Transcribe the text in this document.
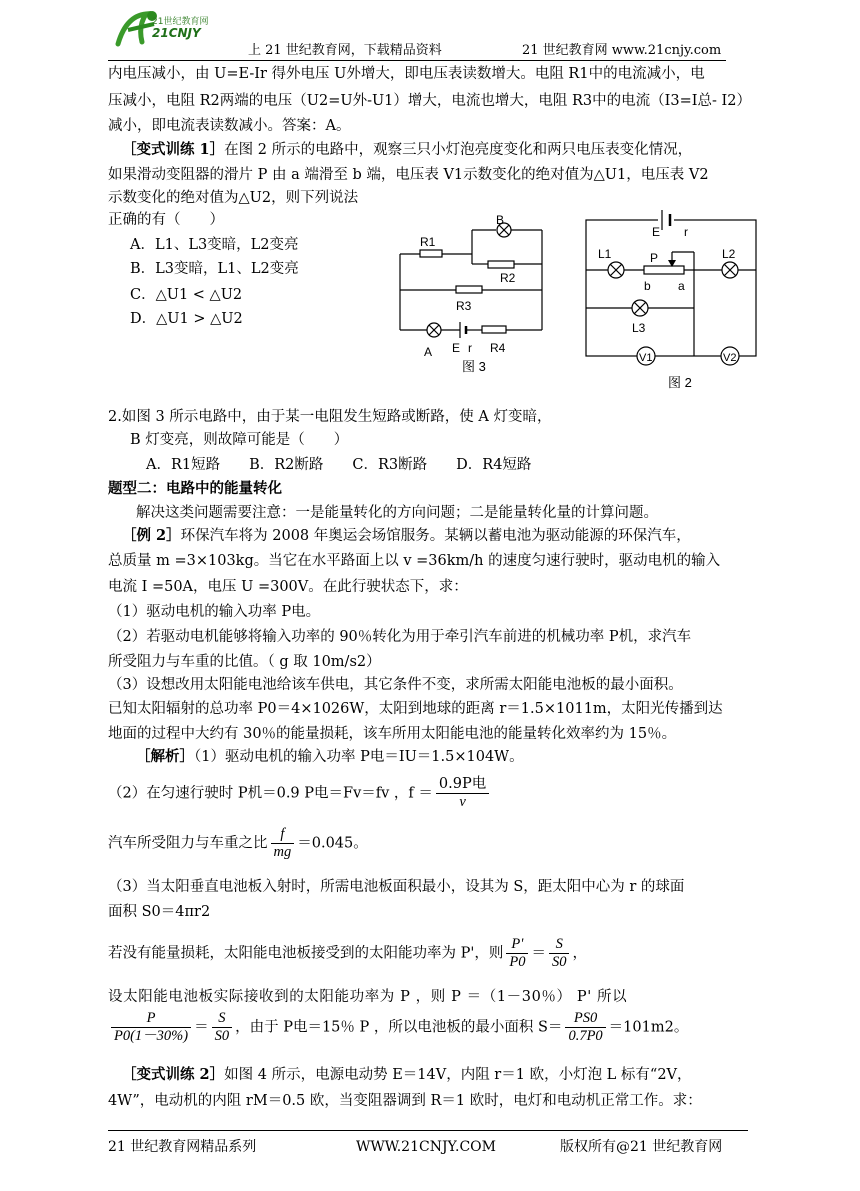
21世纪教育网
21CNJY
上 21 世纪教育网，下载精品资料	21 世纪教育网 www.21cnjy.com
内电压减小，由 U=E-Ir 得外电压 U外增大，即电压表读数增大。电阻 R1中的电流减小，电
压减小，电阻 R2两端的电压（U2=U外-U1）增大，电流也增大，电阻 R3中的电流（I3=I总- I2）
减小，即电流表读数减小。答案：A。
［变式训练 1］在图 2 所示的电路中，观察三只小灯泡亮度变化和两只电压表变化情况，
如果滑动变阻器的滑片 P 由 a 端滑至 b 端，电压表 V1示数变化的绝对值为△U1，电压表 V2
示数变化的绝对值为△U2，则下列说法
正确的有（　　）
A．L1、L3变暗，L2变亮
B．L3变暗，L1、L2变亮
C．△U1 < △U2
D．△U1 > △U2
R1
B
R2
R3
A E r R4
图 3
E r
L1	P	L2
b a
L3
V1	V2
图 2
2.如图 3 所示电路中，由于某一电阻发生短路或断路，使 A 灯变暗，
B 灯变亮，则故障可能是（　　）
A．R1短路　　B．R2断路　　C．R3断路　　D．R4短路
题型二：电路中的能量转化
解决这类问题需要注意：一是能量转化的方向问题；二是能量转化量的计算问题。
［例 2］环保汽车将为 2008 年奥运会场馆服务。某辆以蓄电池为驱动能源的环保汽车，
总质量 m =3×103kg。当它在水平路面上以 v =36km/h 的速度匀速行驶时，驱动电机的输入
电流 I =50A，电压 U =300V。在此行驶状态下，求：
（1）驱动电机的输入功率 P电。
（2）若驱动电机能够将输入功率的 90％转化为用于牵引汽车前进的机械功率 P机，求汽车
所受阻力与车重的比值。（ g 取 10m/s2）
（3）设想改用太阳能电池给该车供电，其它条件不变，求所需太阳能电池板的最小面积。
已知太阳辐射的总功率 P0＝4×1026W，太阳到地球的距离 r＝1.5×1011m，太阳光传播到达
地面的过程中大约有 30％的能量损耗，该车所用太阳能电池的能量转化效率约为 15％。
［解析］（1）驱动电机的输入功率 P电＝IU＝1.5×104W。
（2）在匀速行驶时 P机＝0.9 P电＝Fv＝fv ，$f = \frac{\text{0.9P电}}{v}$
汽车所受阻力与车重之比 $\frac{f}{mg} =0.045$。
（3）当太阳垂直电池板入射时，所需电池板面积最小，设其为 S，距太阳中心为 r 的球面
面积 S0＝4πr2
若没有能量损耗，太阳能电池板接受到的太阳能功率为 P'，则 $\frac{P'}{P0} = \frac{S}{S0}$ ，
设太阳能电池板实际接收到的太阳能功率为 P ，则 P ＝（1－30％） P' 所以
$\frac{P}{P0(1-30\%)} = \frac{S}{S0}$ ，由于 P电＝15％ P ，所以电池板的最小面积 $S= \frac{PS0}{0.7P0} =101m2$。
［变式训练 2］如图 4 所示，电源电动势 E＝14V，内阻 r＝1 欧，小灯泡 L 标有“2V，
4W”，电动机的内阻 rM＝0.5 欧，当变阻器调到 R＝1 欧时，电灯和电动机正常工作。求：
21 世纪教育网精品系列	WWW.21CNJY.COM	版权所有@21 世纪教育网
